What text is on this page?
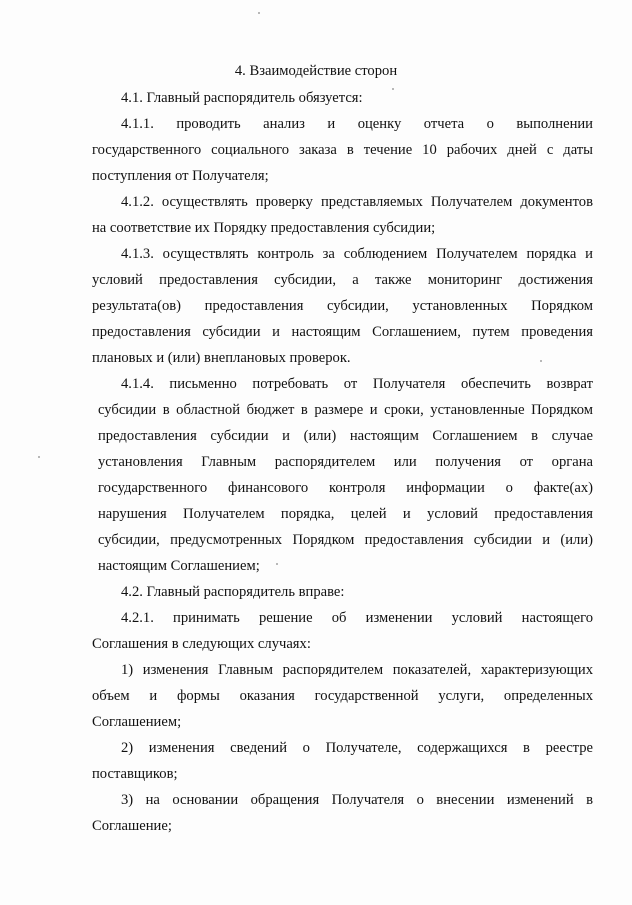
4. Взаимодействие сторон
4.1. Главный распорядитель обязуется:
4.1.1. проводить анализ и оценку отчета о выполнении
государственного социального заказа в течение 10 рабочих дней с даты
поступления от Получателя;
4.1.2. осуществлять проверку представляемых Получателем документов
на соответствие их Порядку предоставления субсидии;
4.1.3. осуществлять контроль за соблюдением Получателем порядка и
условий предоставления субсидии, а также мониторинг достижения
результата(ов) предоставления субсидии, установленных Порядком
предоставления субсидии и настоящим Соглашением, путем проведения
плановых и (или) внеплановых проверок.
4.1.4. письменно потребовать от Получателя обеспечить возврат
субсидии в областной бюджет в размере и сроки, установленные Порядком
предоставления субсидии и (или) настоящим Соглашением в случае
установления Главным распорядителем или получения от органа
государственного финансового контроля информации о факте(ах)
нарушения Получателем порядка, целей и условий предоставления
субсидии, предусмотренных Порядком предоставления субсидии и (или)
настоящим Соглашением;
4.2. Главный распорядитель вправе:
4.2.1. принимать решение об изменении условий настоящего
Соглашения в следующих случаях:
1) изменения Главным распорядителем показателей, характеризующих
объем и формы оказания государственной услуги, определенных
Соглашением;
2) изменения сведений о Получателе, содержащихся в реестре
поставщиков;
3) на основании обращения Получателя о внесении изменений в
Соглашение;
